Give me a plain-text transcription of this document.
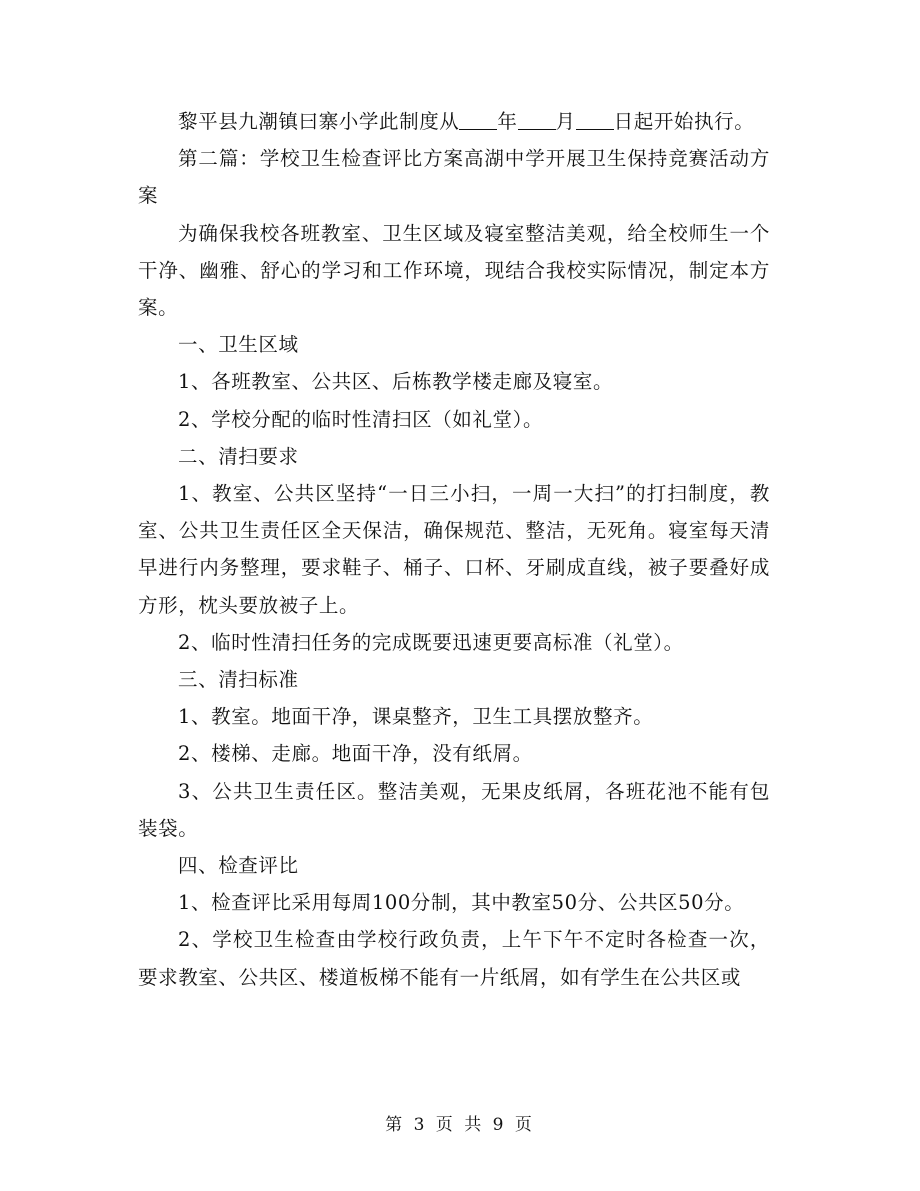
黎平县九潮镇曰寨小学此制度从 年 月 日起开始执行。

第二篇：学校卫生检查评比方案高湖中学开展卫生保持竞赛活动方案

为确保我校各班教室、卫生区域及寝室整洁美观，给全校师生一个干净、幽雅、舒心的学习和工作环境，现结合我校实际情况，制定本方案。

一、卫生区域

1、各班教室、公共区、后栋教学楼走廊及寝室。

2、学校分配的临时性清扫区（如礼堂）。

二、清扫要求

1、教室、公共区坚持“一日三小扫，一周一大扫”的打扫制度，教室、公共卫生责任区全天保洁，确保规范、整洁，无死角。寝室每天清早进行内务整理，要求鞋子、桶子、口杯、牙刷成直线，被子要叠好成方形，枕头要放被子上。

2、临时性清扫任务的完成既要迅速更要高标准（礼堂）。

三、清扫标准

1、教室。地面干净，课桌整齐，卫生工具摆放整齐。

2、楼梯、走廊。地面干净，没有纸屑。

3、公共卫生责任区。整洁美观，无果皮纸屑，各班花池不能有包装袋。

四、检查评比

1、检查评比采用每周100分制，其中教室50分、公共区50分。

2、学校卫生检查由学校行政负责，上午下午不定时各检查一次，要求教室、公共区、楼道板梯不能有一片纸屑，如有学生在公共区或

第 3 页 共 9 页
